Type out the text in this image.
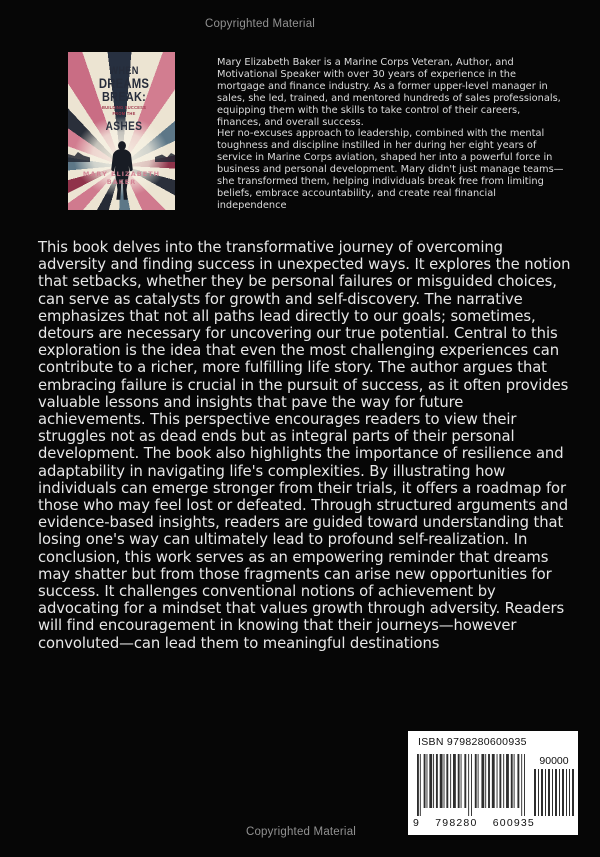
Copyrighted Material
WHEN
DREAMS
BREAK:
BUILDING SUCCESS
FROM THE
ASHES
MARY ELIZABETH BAKER

Mary Elizabeth Baker is a Marine Corps Veteran, Author, and Motivational Speaker with over 30 years of experience in the mortgage and finance industry. As a former upper-level manager in sales, she led, trained, and mentored hundreds of sales professionals, equipping them with the skills to take control of their careers, finances, and overall success.

Her no-excuses approach to leadership, combined with the mental toughness and discipline instilled in her during her eight years of service in Marine Corps aviation, shaped her into a powerful force in business and personal development. Mary didn't just manage teams—she transformed them, helping individuals break free from limiting beliefs, embrace accountability, and create real financial independence

This book delves into the transformative journey of overcoming adversity and finding success in unexpected ways. It explores the notion that setbacks, whether they be personal failures or misguided choices, can serve as catalysts for growth and self-discovery. The narrative emphasizes that not all paths lead directly to our goals; sometimes, detours are necessary for uncovering our true potential. Central to this exploration is the idea that even the most challenging experiences can contribute to a richer, more fulfilling life story. The author argues that embracing failure is crucial in the pursuit of success, as it often provides valuable lessons and insights that pave the way for future achievements. This perspective encourages readers to view their struggles not as dead ends but as integral parts of their personal development. The book also highlights the importance of resilience and adaptability in navigating life's complexities. By illustrating how individuals can emerge stronger from their trials, it offers a roadmap for those who may feel lost or defeated. Through structured arguments and evidence-based insights, readers are guided toward understanding that losing one's way can ultimately lead to profound self-realization. In conclusion, this work serves as an empowering reminder that dreams may shatter but from those fragments can arise new opportunities for success. It challenges conventional notions of achievement by advocating for a mindset that values growth through adversity. Readers will find encouragement in knowing that their journeys—however convoluted—can lead them to meaningful destinations
ISBN 9798280600935
90000
9 798280 600935
Copyrighted Material
